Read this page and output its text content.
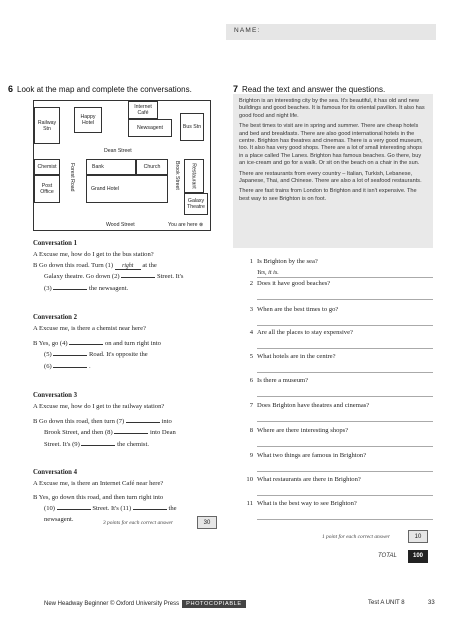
NAME:
6 Look at the map and complete the conversations.
Railway Stn
Happy Hotel
Internet Café
Newsagent	Bus Stn
Dean Street
Chemist
Post Office
Bank	Church
Grand Hotel
Restaurant
Galaxy Theatre
Forest Road	Brook Street
Wood Street	You are here ⊗
Conversation 1
A Excuse me, how do I get to the bus station?
B Go down this road. Turn (1) right at the
Galaxy theatre. Go down (2)	Street. It's
(3)	the newsagent.
Conversation 2
A Excuse me, is there a chemist near here?
B Yes, go (4)	on and turn right into
(5)	Road. It's opposite the
(6)	.
Conversation 3
A Excuse me, how do I get to the railway station?
B Go down this road, then turn (7)	into
Brook Street, and then (8)	into Dean
Street. It's (9)	the chemist.
Conversation 4
A Excuse me, is there an Internet Café near here?
B Yes, go down this road, and then turn right into
(10)	Street. It's (11)	the
newsagent.	3 points for each correct answer	30
7 Read the text and answer the questions.

Brighton is an interesting city by the sea. It's beautiful, it has old and new buildings and good beaches. It is famous for its oriental pavilion. It also has good food and night life.

The best times to visit are in spring and summer. There are cheap hotels and bed and breakfasts. There are also good international hotels in the centre. Brighton has theatres and cinemas. There is a very good museum, too. It also has very good shops. There are a lot of small interesting shops in a place called The Lanes. Brighton has famous beaches. Go there, buy an ice-cream and go for a walk. Or sit on the beach on a chair in the sun.

There are restaurants from every country – Italian, Turkish, Lebanese, Japanese, Thai, and Chinese. There are also a lot of seafood restaurants.

There are fast trains from London to Brighton and it isn't expensive. The best way to see Brighton is on foot.

1 Is Brighton by the sea?
Yes, it is.
2 Does it have good beaches?
3 When are the best times to go?
4 Are all the places to stay expensive?
5 What hotels are in the centre?
6 Is there a museum?
7 Does Brighton have theatres and cinemas?
8 Where are there interesting shops?
9 What two things are famous in Brighton?
10 What restaurants are there in Brighton?
11 What is the best way to see Brighton?
1 point for each correct answer	10
TOTAL	100
New Headway Beginner © Oxford University Press PHOTOCOPIABLE	Test A UNIT 8	33
